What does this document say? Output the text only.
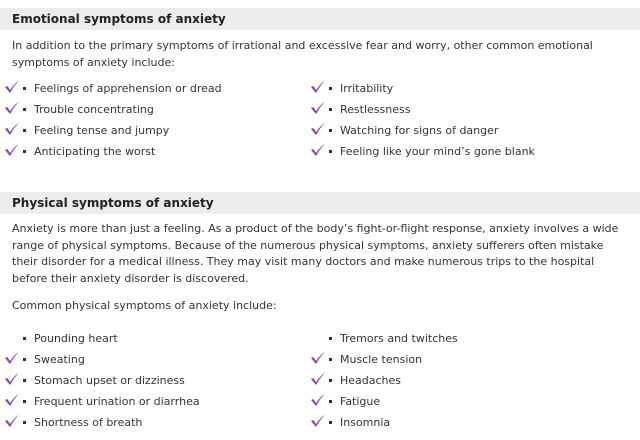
Emotional symptoms of anxiety

In addition to the primary symptoms of irrational and excessive fear and worry, other common emotional symptoms of anxiety include:

Feelings of apprehension or dread
Trouble concentrating
Feeling tense and jumpy
Anticipating the worst
Irritability
Restlessness
Watching for signs of danger
Feeling like your mind’s gone blank
Physical symptoms of anxiety

Anxiety is more than just a feeling. As a product of the body’s fight-or-flight response, anxiety involves a wide range of physical symptoms. Because of the numerous physical symptoms, anxiety sufferers often mistake their disorder for a medical illness. They may visit many doctors and make numerous trips to the hospital before their anxiety disorder is discovered.

Common physical symptoms of anxiety include:

Pounding heart
Sweating
Stomach upset or dizziness
Frequent urination or diarrhea
Shortness of breath
Tremors and twitches
Muscle tension
Headaches
Fatigue
Insomnia
